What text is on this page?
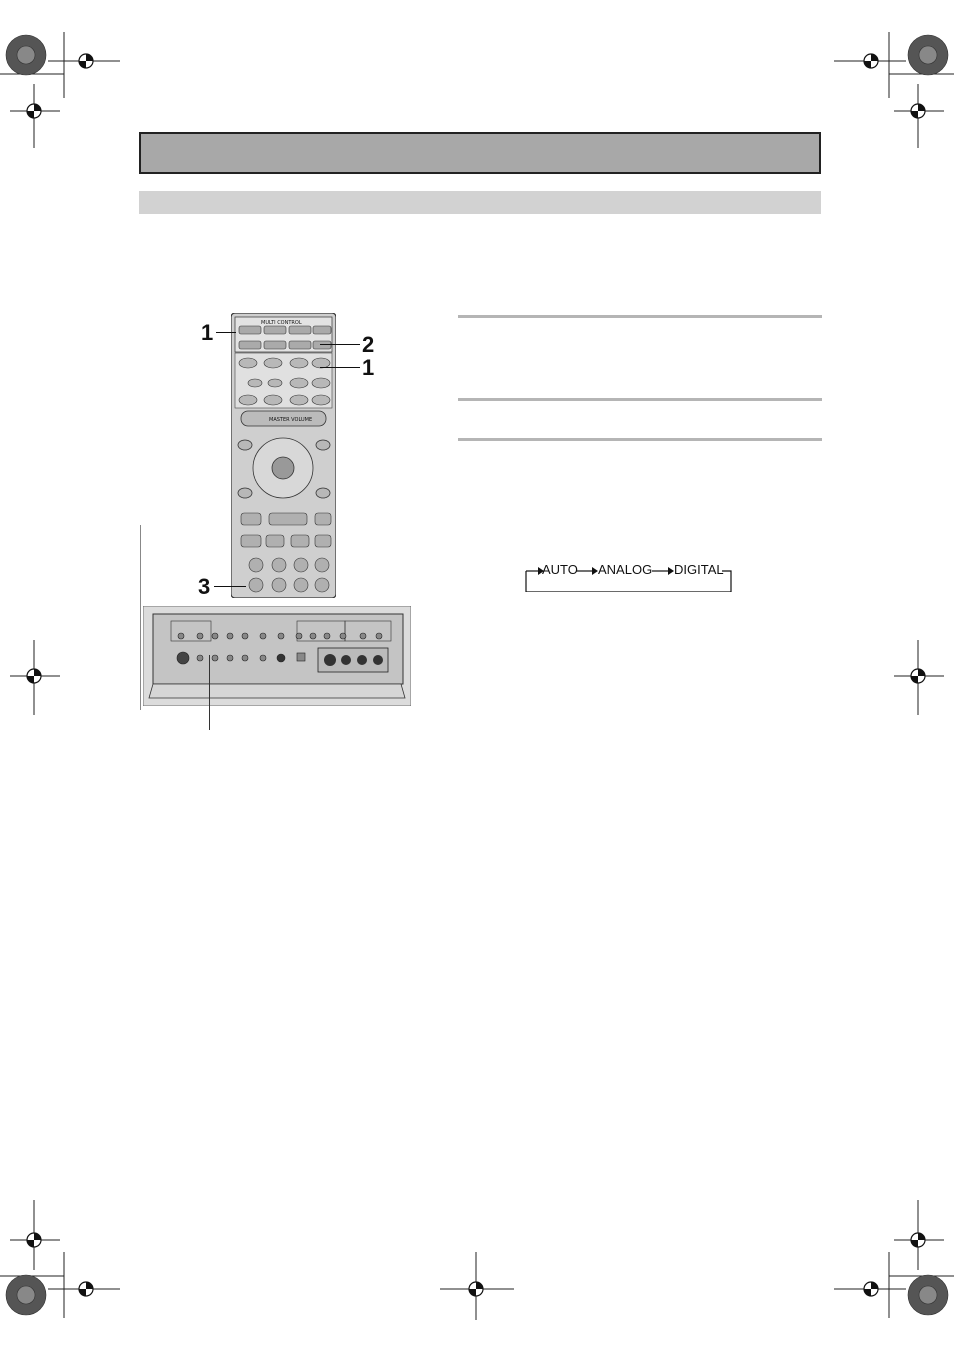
MULTI CONTROL
MASTER VOLUME
1	2
1
3
AUTO ANALOG DIGITAL
